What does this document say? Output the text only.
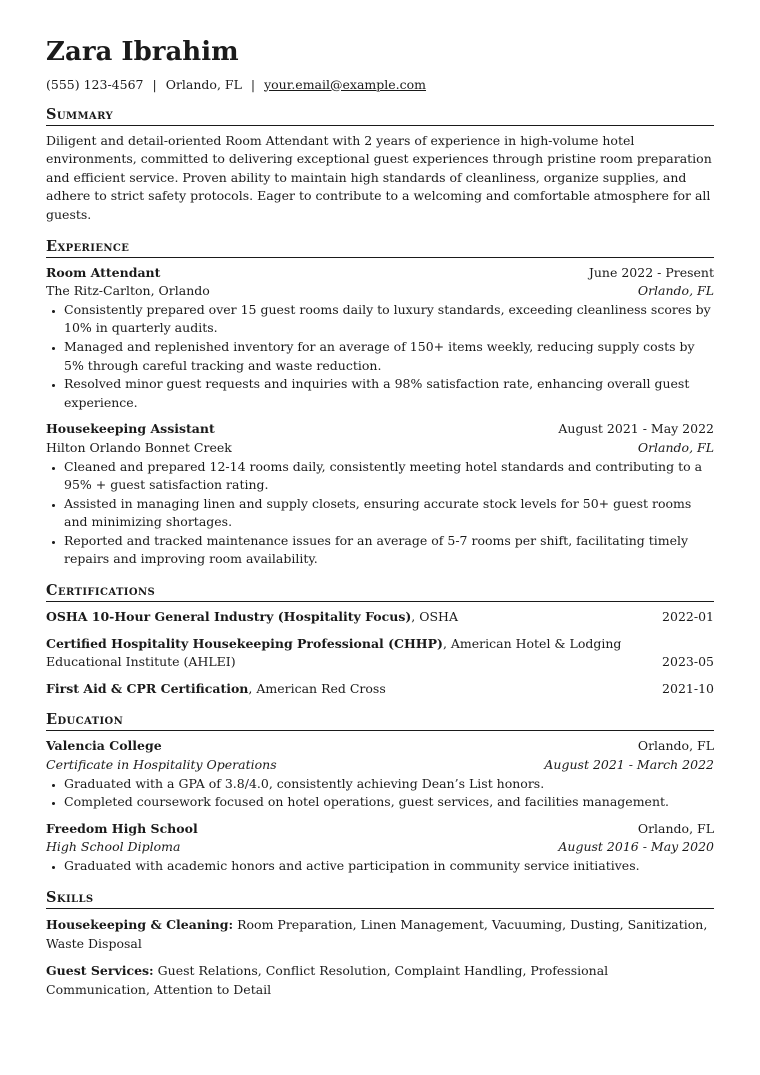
Zara Ibrahim
(555) 123-4567 | Orlando, FL | your.email@example.com
Summary

Diligent and detail-oriented Room Attendant with 2 years of experience in high-volume hotel environments, committed to delivering exceptional guest experiences through pristine room preparation and efficient service. Proven ability to maintain high standards of cleanliness, organize supplies, and adhere to strict safety protocols. Eager to contribute to a welcoming and comfortable atmosphere for all guests.

Experience
Room Attendant	June 2022 - Present
The Ritz-Carlton, Orlando	Orlando, FL
• Consistently prepared over 15 guest rooms daily to luxury standards, exceeding cleanliness scores by 10% in quarterly audits.
• Managed and replenished inventory for an average of 150+ items weekly, reducing supply costs by 5% through careful tracking and waste reduction.
• Resolved minor guest requests and inquiries with a 98% satisfaction rate, enhancing overall guest experience.
Housekeeping Assistant	August 2021 - May 2022
Hilton Orlando Bonnet Creek	Orlando, FL
• Cleaned and prepared 12-14 rooms daily, consistently meeting hotel standards and contributing to a 95% + guest satisfaction rating.
• Assisted in managing linen and supply closets, ensuring accurate stock levels for 50+ guest rooms and minimizing shortages.
• Reported and tracked maintenance issues for an average of 5-7 rooms per shift, facilitating timely repairs and improving room availability.
Certifications
OSHA 10-Hour General Industry (Hospitality Focus), OSHA	2022-01
Certified Hospitality Housekeeping Professional (CHHP), American Hotel & Lodging Educational Institute (AHLEI)	2023-05
First Aid & CPR Certification, American Red Cross	2021-10
Education
Valencia College	Orlando, FL
Certificate in Hospitality Operations	August 2021 - March 2022
• Graduated with a GPA of 3.8/4.0, consistently achieving Dean’s List honors.
• Completed coursework focused on hotel operations, guest services, and facilities management.
Freedom High School	Orlando, FL
High School Diploma	August 2016 - May 2020
• Graduated with academic honors and active participation in community service initiatives.
Skills
Housekeeping & Cleaning: Room Preparation, Linen Management, Vacuuming, Dusting, Sanitization, Waste Disposal
Guest Services: Guest Relations, Conflict Resolution, Complaint Handling, Professional Communication, Attention to Detail
